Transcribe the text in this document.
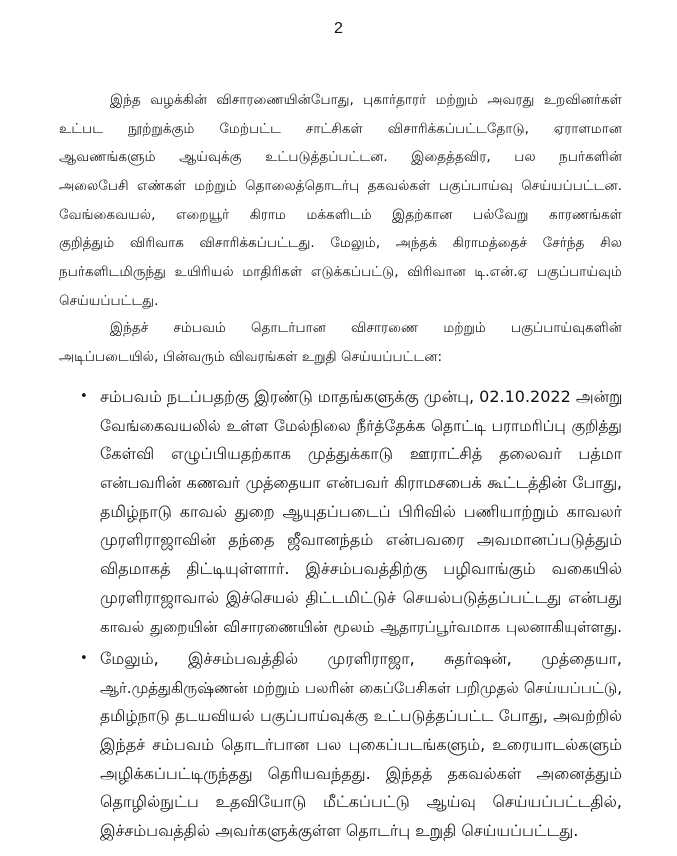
2
இந்த வழக்கின் விசாரணையின்போது, புகார்தாரர் மற்றும் அவரது உறவினர்கள்
உட்பட நூற்றுக்கும் மேற்பட்ட சாட்சிகள் விசாரிக்கப்பட்டதோடு, ஏராளமான
ஆவணங்களும் ஆய்வுக்கு உட்படுத்தப்பட்டன. இதைத்தவிர, பல நபர்களின்
அலைபேசி எண்கள் மற்றும் தொலைத்தொடர்பு தகவல்கள் பகுப்பாய்வு செய்யப்பட்டன.
வேங்கைவயல், எறையூர் கிராம மக்களிடம் இதற்கான பல்வேறு காரணங்கள்
குறித்தும் விரிவாக விசாரிக்கப்பட்டது. மேலும், அந்தக் கிராமத்தைச் சேர்ந்த சில
நபர்களிடமிருந்து உயிரியல் மாதிரிகள் எடுக்கப்பட்டு, விரிவான டி.என்.ஏ பகுப்பாய்வும்
செய்யப்பட்டது.
இந்தச் சம்பவம் தொடர்பான விசாரணை மற்றும் பகுப்பாய்வுகளின்
அடிப்படையில், பின்வரும் விவரங்கள் உறுதி செய்யப்பட்டன:
• சம்பவம் நடப்பதற்கு இரண்டு மாதங்களுக்கு முன்பு, 02.10.2022 அன்று
வேங்கைவயலில் உள்ள மேல்நிலை நீர்த்தேக்க தொட்டி பராமரிப்பு குறித்து
கேள்வி எழுப்பியதற்காக முத்துக்காடு ஊராட்சித் தலைவர் பத்மா
என்பவரின் கணவர் முத்தையா என்பவர் கிராமசபைக் கூட்டத்தின் போது,
தமிழ்நாடு காவல் துறை ஆயுதப்படைப் பிரிவில் பணியாற்றும் காவலர்
முரளிராஜாவின் தந்தை ஜீவானந்தம் என்பவரை அவமானப்படுத்தும்
விதமாகத் திட்டியுள்ளார். இச்சம்பவத்திற்கு பழிவாங்கும் வகையில்
முரளிராஜாவால் இச்செயல் திட்டமிட்டுச் செயல்படுத்தப்பட்டது என்பது
காவல் துறையின் விசாரணையின் மூலம் ஆதாரப்பூர்வமாக புலனாகியுள்ளது.
• மேலும், இச்சம்பவத்தில் முரளிராஜா, சுதர்ஷன், முத்தையா,
ஆர்.முத்துகிருஷ்ணன் மற்றும் பலரின் கைப்பேசிகள் பறிமுதல் செய்யப்பட்டு,
தமிழ்நாடு தடயவியல் பகுப்பாய்வுக்கு உட்படுத்தப்பட்ட போது, அவற்றில்
இந்தச் சம்பவம் தொடர்பான பல புகைப்படங்களும், உரையாடல்களும்
அழிக்கப்பட்டிருந்தது தெரியவந்தது. இந்தத் தகவல்கள் அனைத்தும்
தொழில்நுட்ப உதவியோடு மீட்கப்பட்டு ஆய்வு செய்யப்பட்டதில்,
இச்சம்பவத்தில் அவர்களுக்குள்ள தொடர்பு உறுதி செய்யப்பட்டது.
